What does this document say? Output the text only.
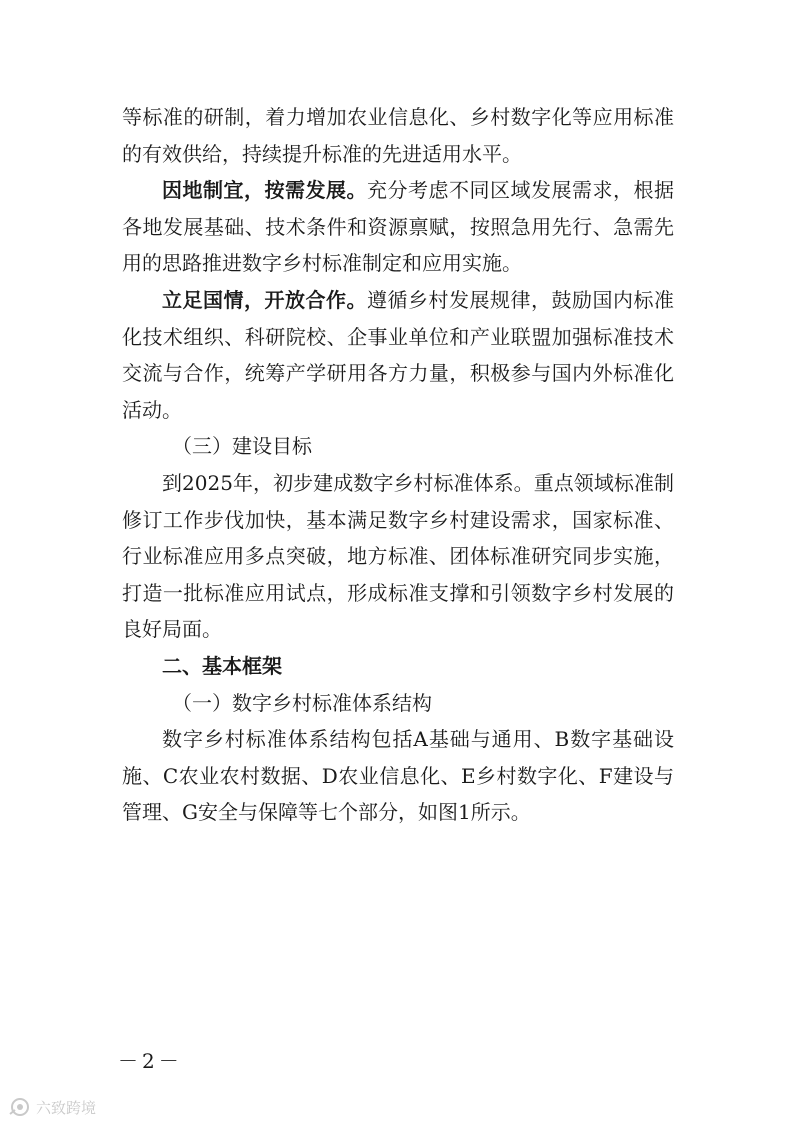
等标准的研制，着力增加农业信息化、乡村数字化等应用标准的有效供给，持续提升标准的先进适用水平。

因地制宜，按需发展。充分考虑不同区域发展需求，根据各地发展基础、技术条件和资源禀赋，按照急用先行、急需先用的思路推进数字乡村标准制定和应用实施。

立足国情，开放合作。遵循乡村发展规律，鼓励国内标准化技术组织、科研院校、企事业单位和产业联盟加强标准技术交流与合作，统筹产学研用各方力量，积极参与国内外标准化活动。

（三）建设目标

到2025年，初步建成数字乡村标准体系。重点领域标准制修订工作步伐加快，基本满足数字乡村建设需求，国家标准、行业标准应用多点突破，地方标准、团体标准研究同步实施，打造一批标准应用试点，形成标准支撑和引领数字乡村发展的良好局面。

二、基本框架

（一）数字乡村标准体系结构

数字乡村标准体系结构包括A基础与通用、B数字基础设施、C农业农村数据、D农业信息化、E乡村数字化、F建设与管理、G安全与保障等七个部分，如图1所示。

－2－
六致跨境
